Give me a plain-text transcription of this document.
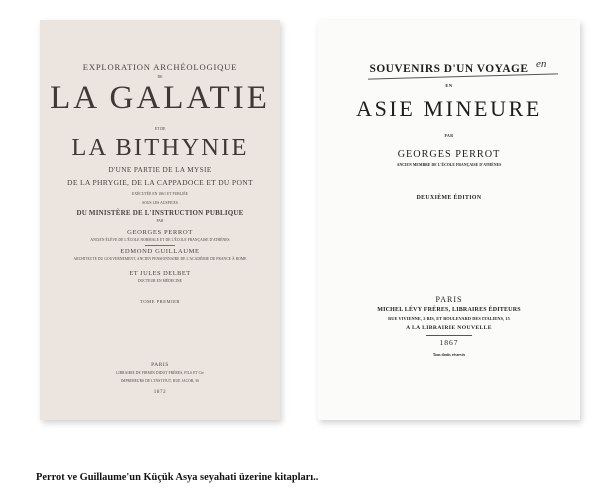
EXPLORATION ARCHÉOLOGIQUE

DE

LA GALATIE

ET DE

LA BITHYNIE

D'UNE PARTIE DE LA MYSIE

DE LA PHRYGIE, DE LA CAPPADOCE ET DU PONT

EXÉCUTÉE EN 1861 ET PUBLIÉE

SOUS LES AUSPICES

DU MINISTÈRE DE L'INSTRUCTION PUBLIQUE

PAR

GEORGES PERROT

ANCIEN ÉLÈVE DE L'ÉCOLE NORMALE ET DE L'ÉCOLE FRANÇAISE D'ATHÈNES

EDMOND GUILLAUME

ARCHITECTE DU GOUVERNEMENT, ANCIEN PENSIONNAIRE DE L'ACADÉMIE DE FRANCE À ROME

ET JULES DELBET

DOCTEUR EN MÉDECINE

TOME PREMIER

PARIS

LIBRAIRIE DE FIRMIN DIDOT FRÈRES, FILS ET Cie

IMPRIMEURS DE L'INSTITUT, RUE JACOB, 56

1872

SOUVENIRS D'UN VOYAGE en

EN

ASIE MINEURE

PAR

GEORGES PERROT

ANCIEN MEMBRE DE L'ÉCOLE FRANÇAISE D'ATHÈNES

DEUXIÈME ÉDITION

PARIS

MICHEL LÉVY FRÈRES, LIBRAIRES ÉDITEURS

RUE VIVIENNE, 2 BIS, ET BOULEVARD DES ITALIENS, 15

A LA LIBRAIRIE NOUVELLE

1867

Tous droits réservés

Perrot ve Guillaume'un Küçük Asya seyahati üzerine kitapları..
